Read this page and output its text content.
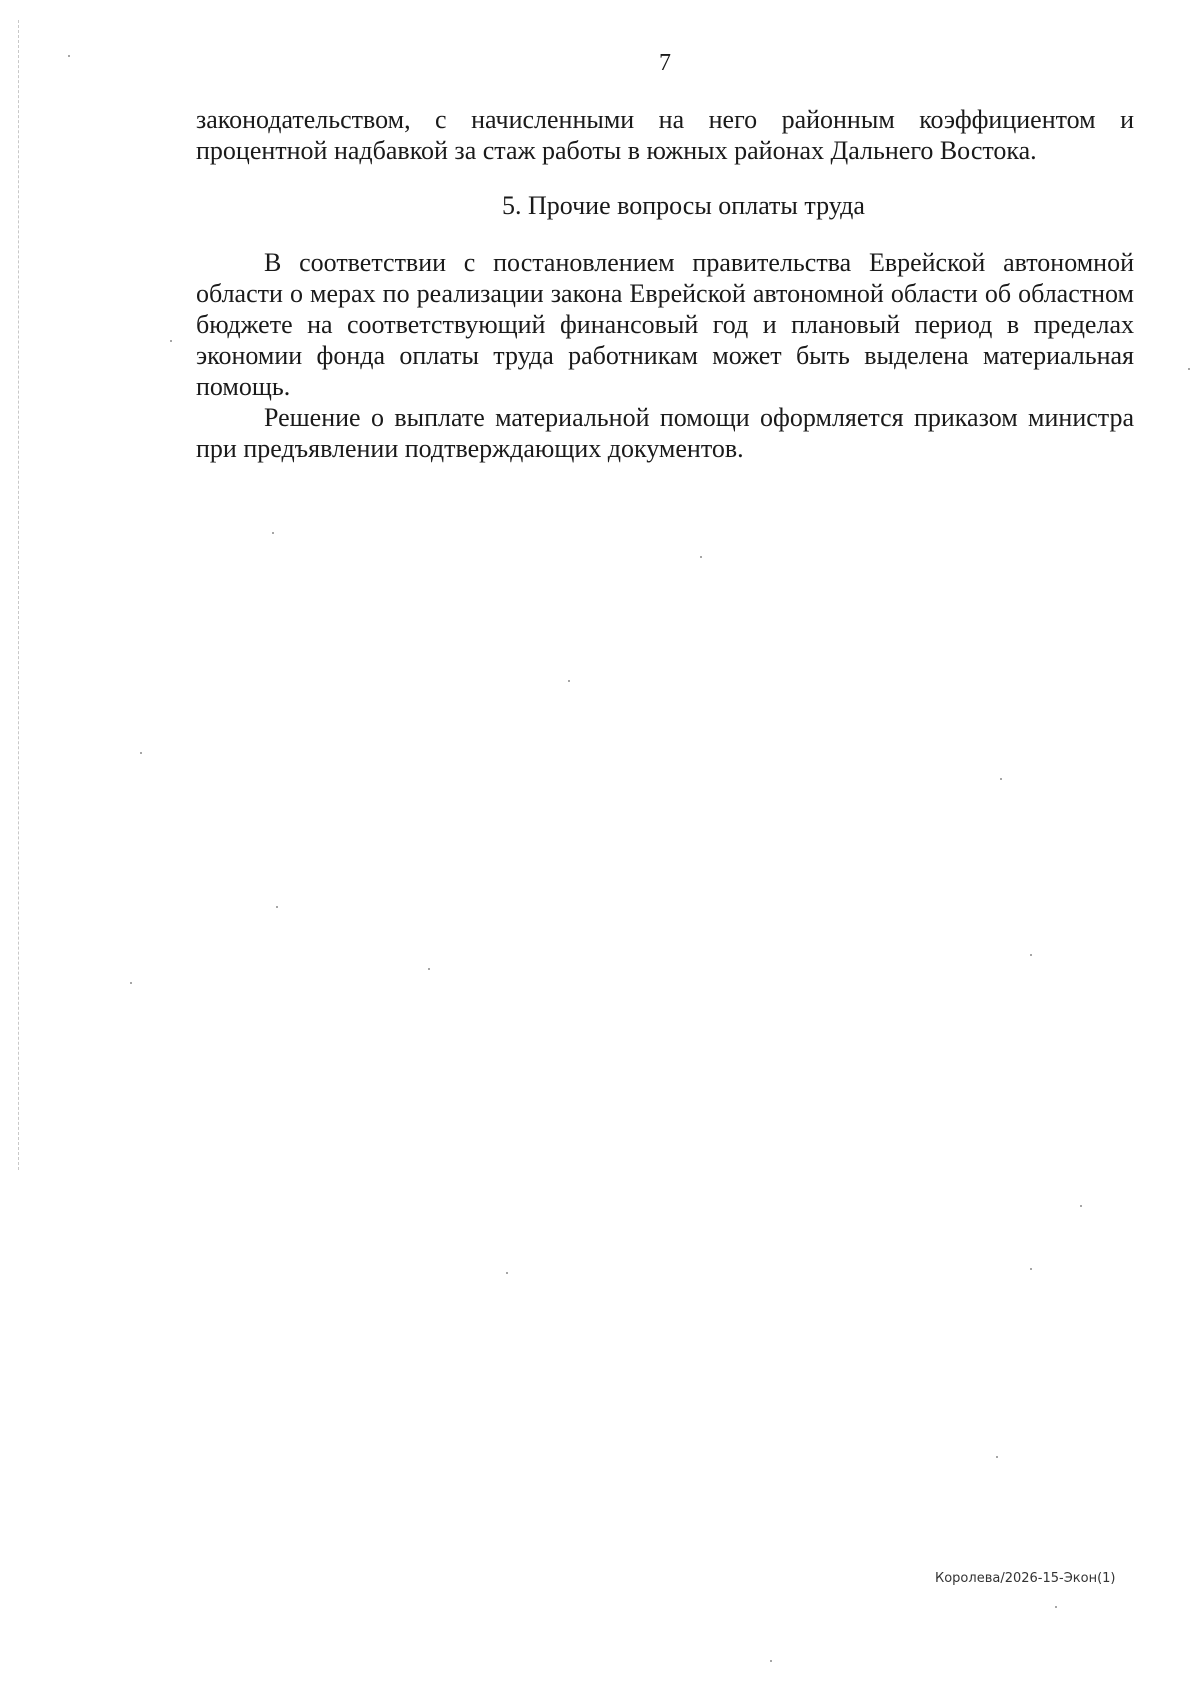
7

законодательством, с начисленными на него районным коэффициентом и процентной надбавкой за стаж работы в южных районах Дальнего Востока.

5. Прочие вопросы оплаты труда

В соответствии с постановлением правительства Еврейской автономной области о мерах по реализации закона Еврейской автономной области об областном бюджете на соответствующий финансовый год и плановый период в пределах экономии фонда оплаты труда работникам может быть выделена материальная помощь.

Решение о выплате материальной помощи оформляется приказом министра при предъявлении подтверждающих документов.

Королева/2026-15-Экон(1)
